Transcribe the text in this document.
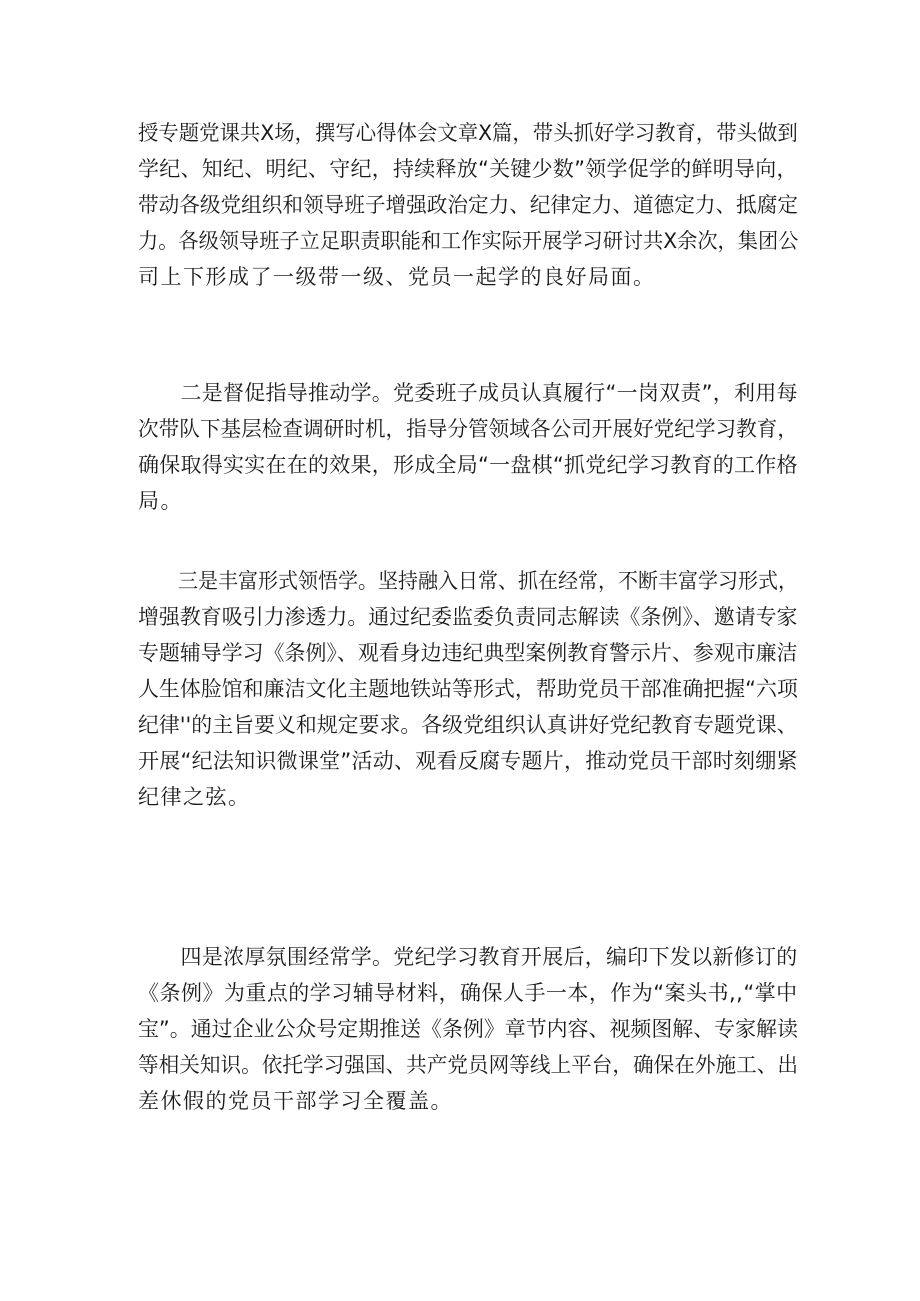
授专题党课共X场，撰写心得体会文章X篇，带头抓好学习教育，带头做到
学纪、知纪、明纪、守纪，持续释放“关键少数”领学促学的鲜明导向，
带动各级党组织和领导班子增强政治定力、纪律定力、道德定力、抵腐定
力。各级领导班子立足职责职能和工作实际开展学习研讨共X余次，集团公
司上下形成了一级带一级、党员一起学的良好局面。
　　二是督促指导推动学。党委班子成员认真履行“一岗双责”，利用每
次带队下基层检查调研时机，指导分管领域各公司开展好党纪学习教育，
确保取得实实在在的效果，形成全局“一盘棋“抓党纪学习教育的工作格
局。
　　三是丰富形式领悟学。坚持融入日常、抓在经常，不断丰富学习形式，
增强教育吸引力渗透力。通过纪委监委负责同志解读《条例》、邀请专家
专题辅导学习《条例》、观看身边违纪典型案例教育警示片、参观市廉洁
人生体脸馆和廉洁文化主题地铁站等形式，帮助党员干部准确把握“六项
纪律''的主旨要义和规定要求。各级党组织认真讲好党纪教育专题党课、
开展“纪法知识微课堂”活动、观看反腐专题片，推动党员干部时刻绷紧
纪律之弦。
　　四是浓厚氛围经常学。党纪学习教育开展后，编印下发以新修订的
《条例》为重点的学习辅导材料，确保人手一本，作为“案头书,,“掌中
宝”。通过企业公众号定期推送《条例》章节内容、视频图解、专家解读
等相关知识。依托学习强国、共产党员网等线上平台，确保在外施工、出
差休假的党员干部学习全覆盖。
